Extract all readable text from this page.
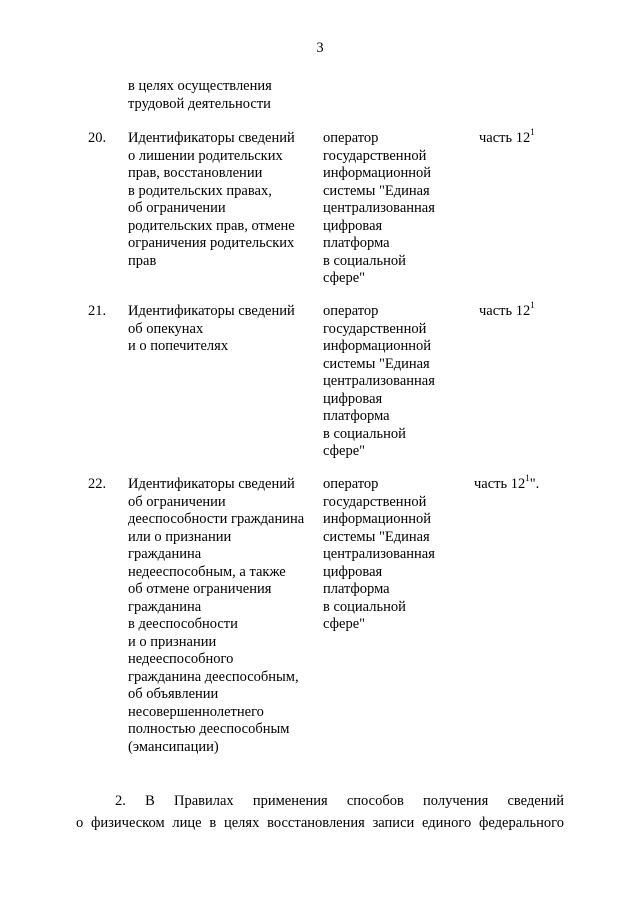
3
в целях осуществления
трудовой деятельности
20. Идентификаторы сведений
о лишении родительских
прав, восстановлении
в родительских правах,
об ограничении
родительских прав, отмене
ограничения родительских
прав
оператор
государственной
информационной
системы "Единая
централизованная
цифровая
платформа
в социальной
сфере"
часть $12^1$
21. Идентификаторы сведений
об опекунах
и о попечителях
оператор
государственной
информационной
системы "Единая
централизованная
цифровая
платформа
в социальной
сфере"
часть $12^1$
22. Идентификаторы сведений
об ограничении
дееспособности гражданина
или о признании
гражданина
недееспособным, а также
об отмене ограничения
гражданина
в дееспособности
и о признании
недееспособного
гражданина дееспособным,
об объявлении
несовершеннолетнего
полностью дееспособным
(эмансипации)
оператор
государственной
информационной
системы "Единая
централизованная
цифровая
платформа
в социальной
сфере"
часть $12^1$".
2. В Правилах применения способов получения сведений
о физическом лице в целях восстановления записи единого федерального
